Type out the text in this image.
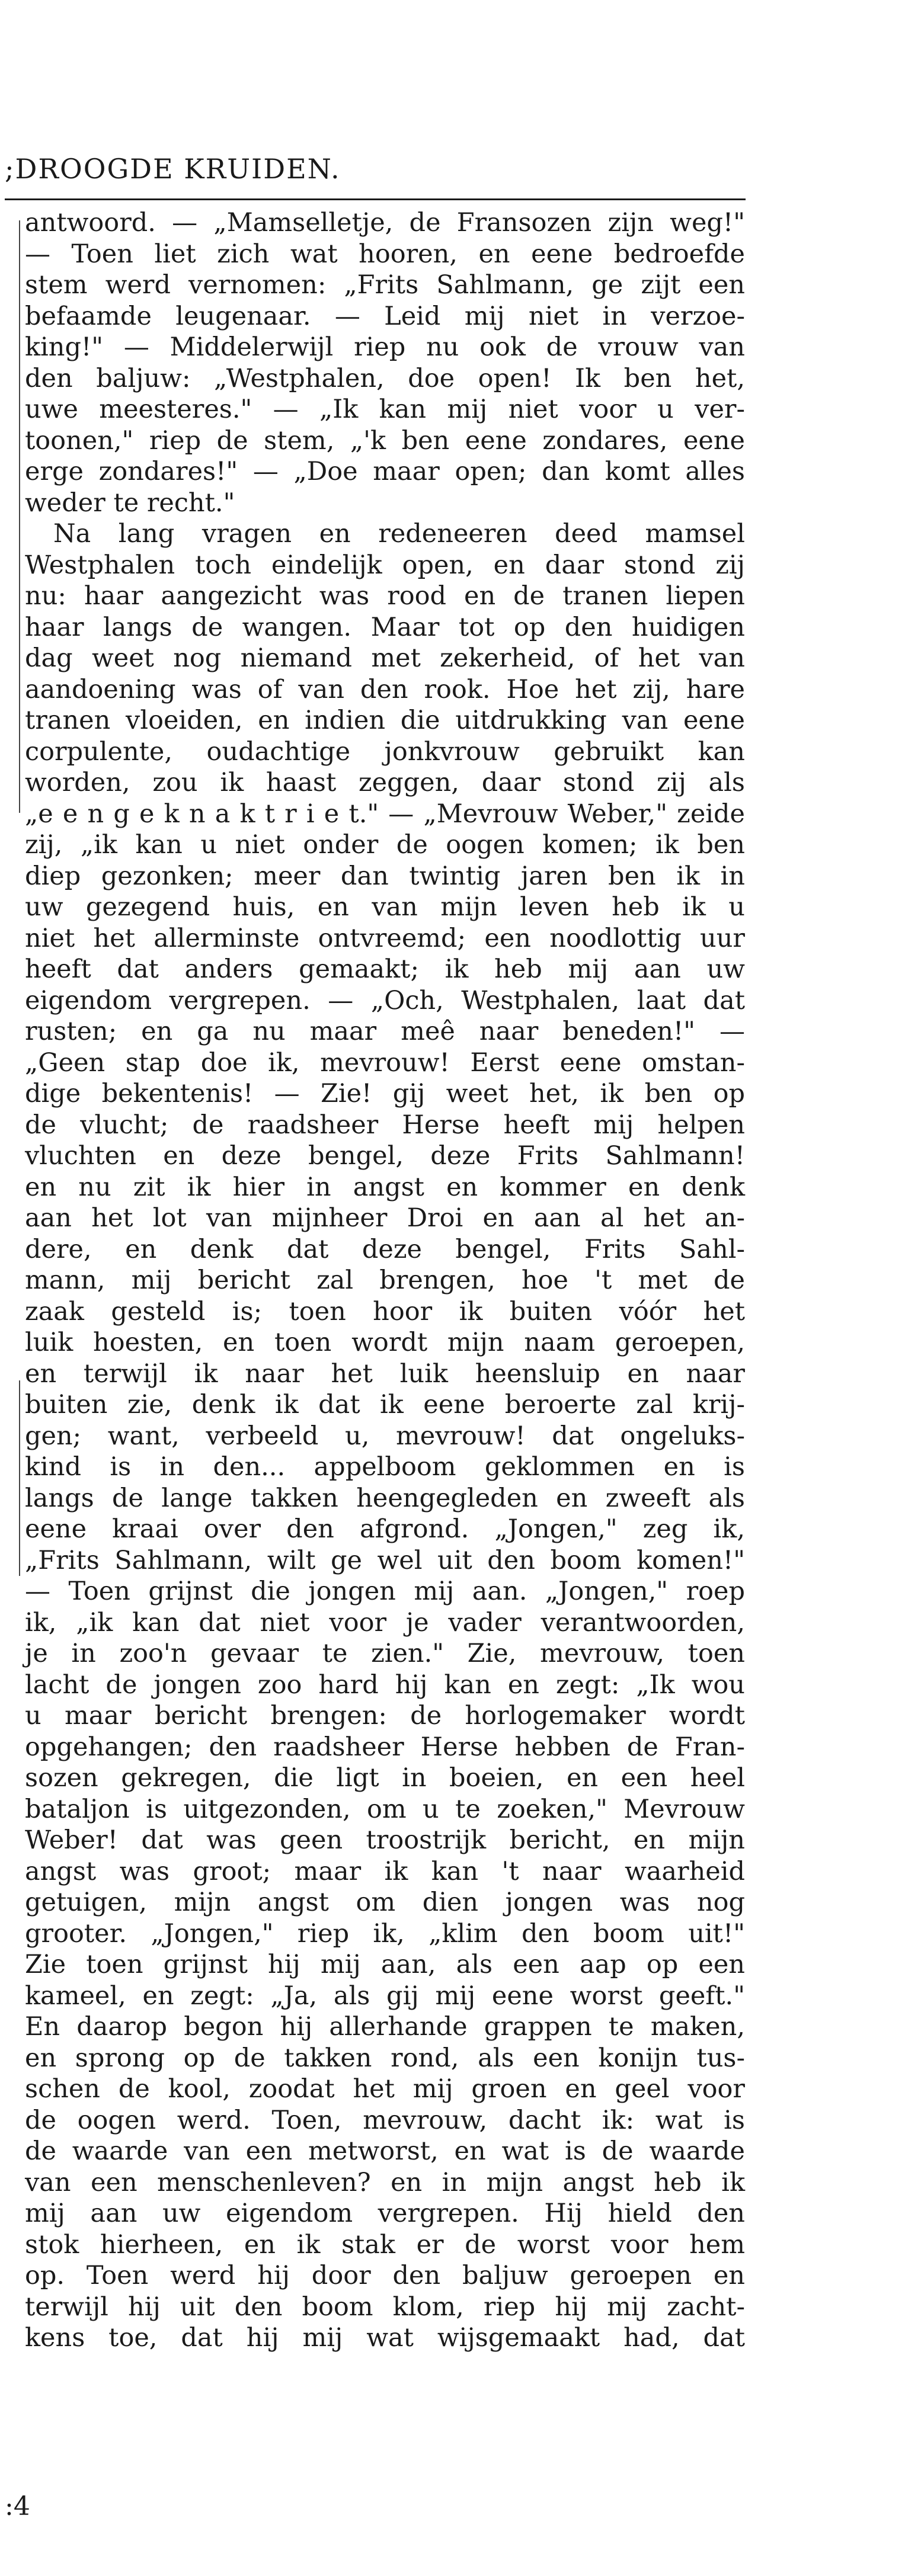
;DROOGDE KRUIDEN.
antwoord. — „Mamselletje, de Fransozen zijn weg!"
— Toen liet zich wat hooren, en eene bedroefde
stem werd vernomen: „Frits Sahlmann, ge zijt een
befaamde leugenaar. — Leid mij niet in verzoe-
king!" — Middelerwijl riep nu ook de vrouw van
den baljuw: „Westphalen, doe open! Ik ben het,
uwe meesteres." — „Ik kan mij niet voor u ver-
toonen," riep de stem, „'k ben eene zondares, eene
erge zondares!" — „Doe maar open; dan komt alles
weder te recht."
Na lang vragen en redeneeren deed mamsel
Westphalen toch eindelijk open, en daar stond zij
nu: haar aangezicht was rood en de tranen liepen
haar langs de wangen. Maar tot op den huidigen
dag weet nog niemand met zekerheid, of het van
aandoening was of van den rook. Hoe het zij, hare
tranen vloeiden, en indien die uitdrukking van eene
corpulente, oudachtige jonkvrouw gebruikt kan
worden, zou ik haast zeggen, daar stond zij als
„e e n g e k n a k t r i e t." — „Mevrouw Weber," zeide
zij, „ik kan u niet onder de oogen komen; ik ben
diep gezonken; meer dan twintig jaren ben ik in
uw gezegend huis, en van mijn leven heb ik u
niet het allerminste ontvreemd; een noodlottig uur
heeft dat anders gemaakt; ik heb mij aan uw
eigendom vergrepen. — „Och, Westphalen, laat dat
rusten; en ga nu maar meê naar beneden!" —
„Geen stap doe ik, mevrouw! Eerst eene omstan-
dige bekentenis! — Zie! gij weet het, ik ben op
de vlucht; de raadsheer Herse heeft mij helpen
vluchten en deze bengel, deze Frits Sahlmann!
en nu zit ik hier in angst en kommer en denk
aan het lot van mijnheer Droi en aan al het an-
dere, en denk dat deze bengel, Frits Sahl-
mann, mij bericht zal brengen, hoe 't met de
zaak gesteld is; toen hoor ik buiten vóór het
luik hoesten, en toen wordt mijn naam geroepen,
en terwijl ik naar het luik heensluip en naar
buiten zie, denk ik dat ik eene beroerte zal krij-
gen; want, verbeeld u, mevrouw! dat ongeluks-
kind is in den... appelboom geklommen en is
langs de lange takken heengegleden en zweeft als
eene kraai over den afgrond. „Jongen," zeg ik,
„Frits Sahlmann, wilt ge wel uit den boom komen!"
— Toen grijnst die jongen mij aan. „Jongen," roep
ik, „ik kan dat niet voor je vader verantwoorden,
je in zoo'n gevaar te zien." Zie, mevrouw, toen
lacht de jongen zoo hard hij kan en zegt: „Ik wou
u maar bericht brengen: de horlogemaker wordt
opgehangen; den raadsheer Herse hebben de Fran-
sozen gekregen, die ligt in boeien, en een heel
bataljon is uitgezonden, om u te zoeken," Mevrouw
Weber! dat was geen troostrijk bericht, en mijn
angst was groot; maar ik kan 't naar waarheid
getuigen, mijn angst om dien jongen was nog
grooter. „Jongen," riep ik, „klim den boom uit!"
Zie toen grijnst hij mij aan, als een aap op een
kameel, en zegt: „Ja, als gij mij eene worst geeft."
En daarop begon hij allerhande grappen te maken,
en sprong op de takken rond, als een konijn tus-
schen de kool, zoodat het mij groen en geel voor
de oogen werd. Toen, mevrouw, dacht ik: wat is
de waarde van een metworst, en wat is de waarde
van een menschenleven? en in mijn angst heb ik
mij aan uw eigendom vergrepen. Hij hield den
stok hierheen, en ik stak er de worst voor hem
op. Toen werd hij door den baljuw geroepen en
terwijl hij uit den boom klom, riep hij mij zacht-
kens toe, dat hij mij wat wijsgemaakt had, dat
:4
